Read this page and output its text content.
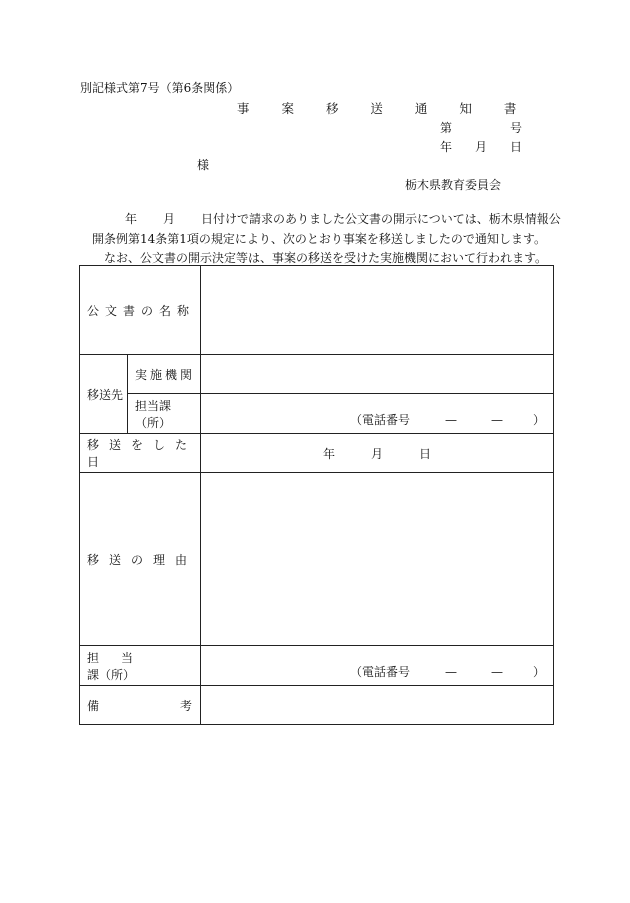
別記様式第7号（第6条関係）
事 案 移 送 通 知 書
第	号
年 月 日
様
栃木県教育委員会
年 月 日付けで請求のありました公文書の開示については、栃木県情報公
開条例第14条第1項の規定により、次のとおり事案を移送しましたので通知します。
なお、公文書の開示決定等は、事案の移送を受けた実施機関において行われます。
公文書の名称		
移送先	実施機関	
	担当課（所）	（電話番号 — — ）

移送をした日		年 月 日

移送の理由		
担 当課（所）		（電話番号 — — ）

備 考		
